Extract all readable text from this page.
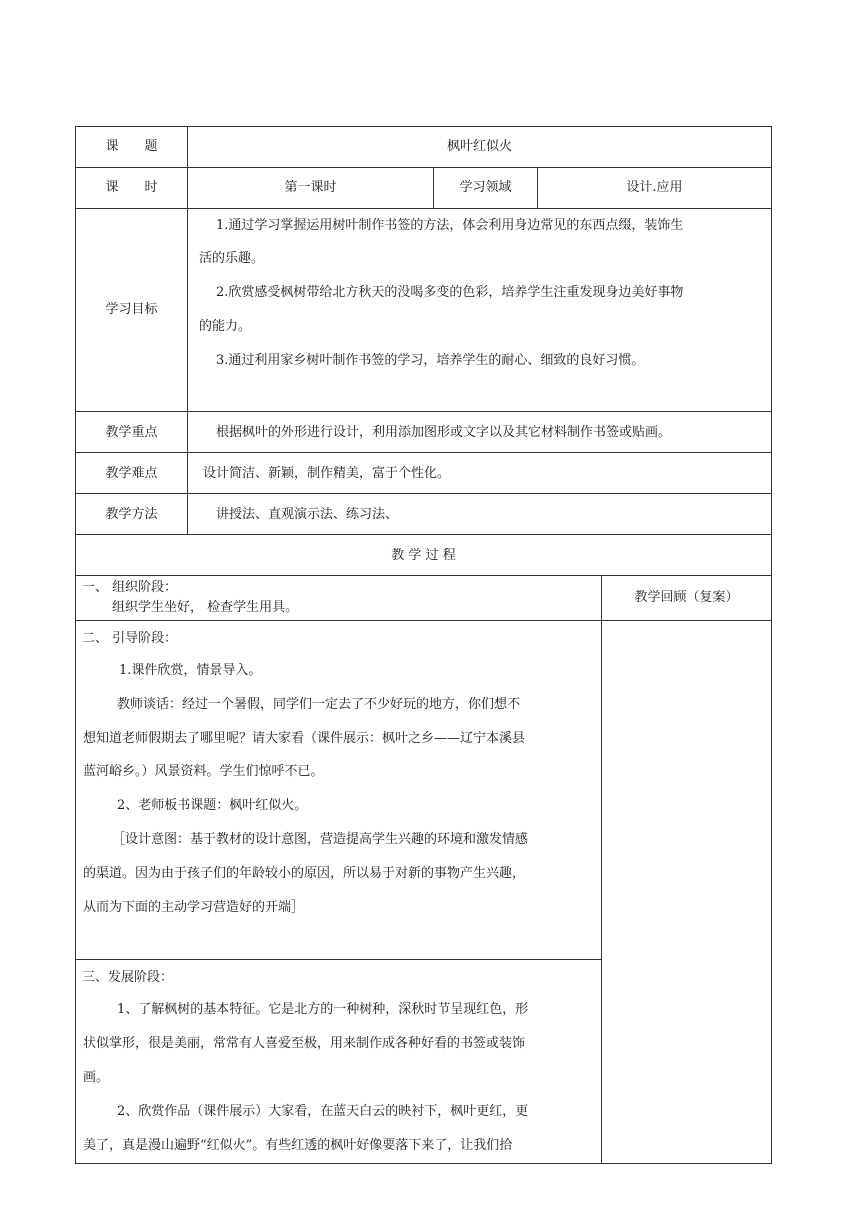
课　　题	枫叶红似火
课　　时	第一课时	学习领域	设计.应用
学习目标
1.通过学习掌握运用树叶制作书签的方法，体会利用身边常见的东西点缀，装饰生
活的乐趣。
2.欣赏感受枫树带给北方秋天的没喝多变的色彩，培养学生注重发现身边美好事物
的能力。
3.通过利用家乡树叶制作书签的学习，培养学生的耐心、细致的良好习惯。
教学重点	根据枫叶的外形进行设计，利用添加图形或文字以及其它材料制作书签或贴画。
教学难点	设计简洁、新颖，制作精美，富于个性化。
教学方法	讲授法、直观演示法、练习法、
教 学 过 程
一、 组织阶段：
组织学生坐好， 检查学生用具。
教学回顾（复案）
二、 引导阶段：
1.课件欣赏，情景导入。
教师谈话：经过一个暑假，同学们一定去了不少好玩的地方，你们想不
想知道老师假期去了哪里呢？请大家看（课件展示：枫叶之乡——辽宁本溪县
蓝河峪乡。）风景资料。学生们惊呼不已。
2、老师板书课题：枫叶红似火。
［设计意图：基于教材的设计意图，营造提高学生兴趣的环境和激发情感
的渠道。因为由于孩子们的年龄较小的原因，所以易于对新的事物产生兴趣，
从而为下面的主动学习营造好的开端］
三、发展阶段：
1、了解枫树的基本特征。它是北方的一种树种，深秋时节呈现红色，形
状似掌形，很是美丽，常常有人喜爱至极，用来制作成各种好看的书签或装饰
画。
2、欣赏作品（课件展示）大家看，在蓝天白云的映衬下，枫叶更红，更
美了，真是漫山遍野“红似火”。有些红透的枫叶好像要落下来了，让我们拾
